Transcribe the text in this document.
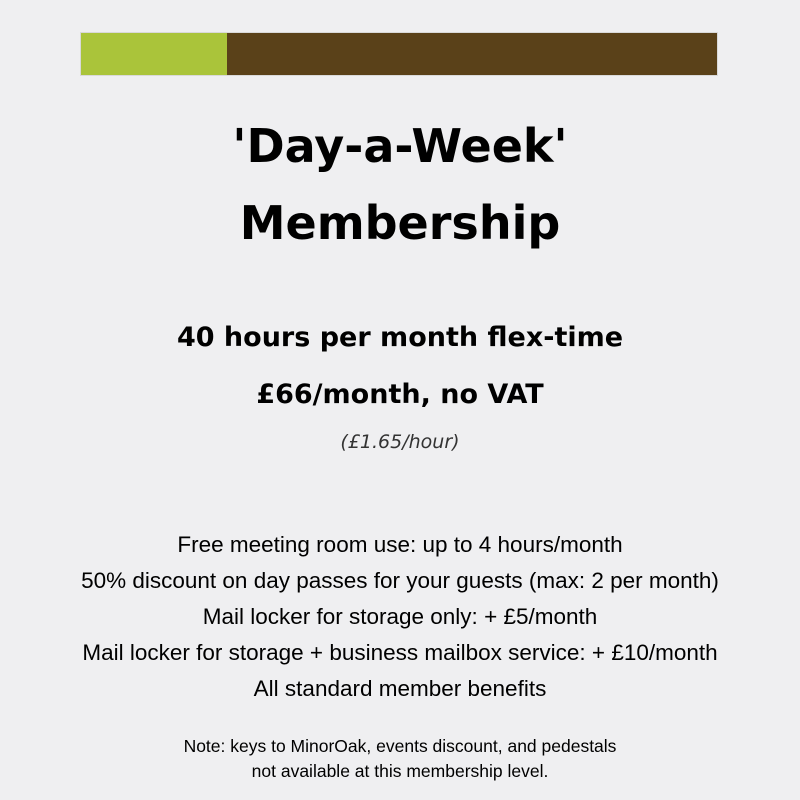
'Day-a-Week'
Membership
40 hours per month flex-time
£66/month, no VAT
(£1.65/hour)
Free meeting room use: up to 4 hours/month
50% discount on day passes for your guests (max: 2 per month)
Mail locker for storage only: + £5/month
Mail locker for storage + business mailbox service: + £10/month
All standard member benefits
Note: keys to MinorOak, events discount, and pedestals
not available at this membership level.
